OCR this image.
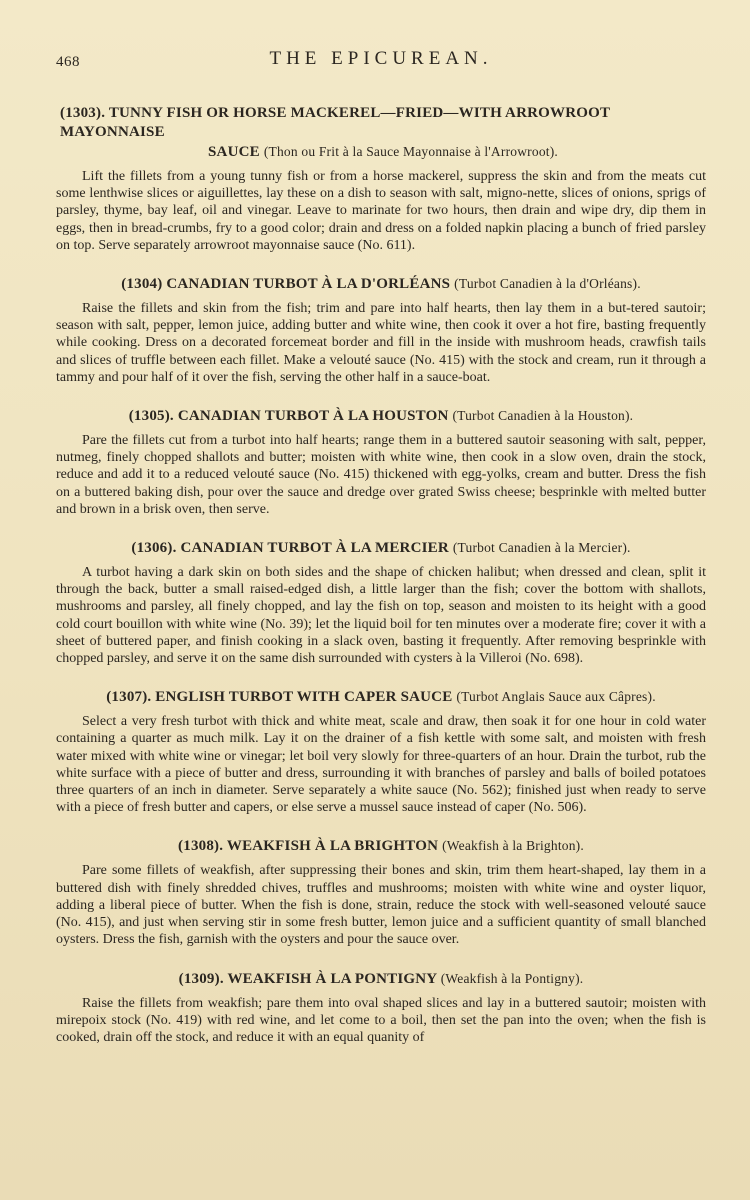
468	THE EPICUREAN.
(1303). TUNNY FISH OR HORSE MACKEREL—FRIED—WITH ARROWROOT MAYONNAISE
SAUCE (Thon ou Frit à la Sauce Mayonnaise à l'Arrowroot).

Lift the fillets from a young tunny fish or from a horse mackerel, suppress the skin and from the meats cut some lenthwise slices or aiguillettes, lay these on a dish to season with salt, migno-nette, slices of onions, sprigs of parsley, thyme, bay leaf, oil and vinegar. Leave to marinate for two hours, then drain and wipe dry, dip them in eggs, then in bread-crumbs, fry to a good color; drain and dress on a folded napkin placing a bunch of fried parsley on top. Serve separately arrowroot mayonnaise sauce (No. 611).

(1304) CANADIAN TURBOT À LA D'ORLÉANS (Turbot Canadien à la d'Orléans).

Raise the fillets and skin from the fish; trim and pare into half hearts, then lay them in a but-tered sautoir; season with salt, pepper, lemon juice, adding butter and white wine, then cook it over a hot fire, basting frequently while cooking. Dress on a decorated forcemeat border and fill in the inside with mushroom heads, crawfish tails and slices of truffle between each fillet. Make a velouté sauce (No. 415) with the stock and cream, run it through a tammy and pour half of it over the fish, serving the other half in a sauce-boat.

(1305). CANADIAN TURBOT À LA HOUSTON (Turbot Canadien à la Houston).

Pare the fillets cut from a turbot into half hearts; range them in a buttered sautoir seasoning with salt, pepper, nutmeg, finely chopped shallots and butter; moisten with white wine, then cook in a slow oven, drain the stock, reduce and add it to a reduced velouté sauce (No. 415) thickened with egg-yolks, cream and butter. Dress the fish on a buttered baking dish, pour over the sauce and dredge over grated Swiss cheese; besprinkle with melted butter and brown in a brisk oven, then serve.

(1306). CANADIAN TURBOT À LA MERCIER (Turbot Canadien à la Mercier).

A turbot having a dark skin on both sides and the shape of chicken halibut; when dressed and clean, split it through the back, butter a small raised-edged dish, a little larger than the fish; cover the bottom with shallots, mushrooms and parsley, all finely chopped, and lay the fish on top, season and moisten to its height with a good cold court bouillon with white wine (No. 39); let the liquid boil for ten minutes over a moderate fire; cover it with a sheet of buttered paper, and finish cooking in a slack oven, basting it frequently. After removing besprinkle with chopped parsley, and serve it on the same dish surrounded with cysters à la Villeroi (No. 698).

(1307). ENGLISH TURBOT WITH CAPER SAUCE (Turbot Anglais Sauce aux Câpres).

Select a very fresh turbot with thick and white meat, scale and draw, then soak it for one hour in cold water containing a quarter as much milk. Lay it on the drainer of a fish kettle with some salt, and moisten with fresh water mixed with white wine or vinegar; let boil very slowly for three-quarters of an hour. Drain the turbot, rub the white surface with a piece of butter and dress, surrounding it with branches of parsley and balls of boiled potatoes three quarters of an inch in diameter. Serve separately a white sauce (No. 562); finished just when ready to serve with a piece of fresh butter and capers, or else serve a mussel sauce instead of caper (No. 506).

(1308). WEAKFISH À LA BRIGHTON (Weakfish à la Brighton).

Pare some fillets of weakfish, after suppressing their bones and skin, trim them heart-shaped, lay them in a buttered dish with finely shredded chives, truffles and mushrooms; moisten with white wine and oyster liquor, adding a liberal piece of butter. When the fish is done, strain, reduce the stock with well-seasoned velouté sauce (No. 415), and just when serving stir in some fresh butter, lemon juice and a sufficient quantity of small blanched oysters. Dress the fish, garnish with the oysters and pour the sauce over.

(1309). WEAKFISH À LA PONTIGNY (Weakfish à la Pontigny).

Raise the fillets from weakfish; pare them into oval shaped slices and lay in a buttered sautoir; moisten with mirepoix stock (No. 419) with red wine, and let come to a boil, then set the pan into the oven; when the fish is cooked, drain off the stock, and reduce it with an equal quanity of
